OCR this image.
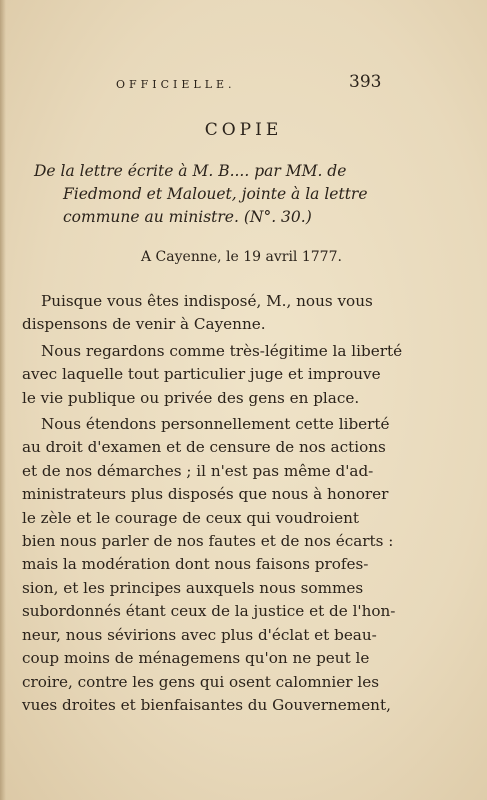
OFFICIELLE.	393
COPIE
De la lettre écrite à M. B.... par MM. de
Fiedmond et Malouet, jointe à la lettre
commune au ministre. (N°. 30.)
A Cayenne, le 19 avril 1777.
Puisque vous êtes indisposé, M., nous vous
dispensons de venir à Cayenne.
Nous regardons comme très-légitime la liberté
avec laquelle tout particulier juge et improuve
le vie publique ou privée des gens en place.
Nous étendons personnellement cette liberté
au droit d'examen et de censure de nos actions
et de nos démarches ; il n'est pas même d'ad-
ministrateurs plus disposés que nous à honorer
le zèle et le courage de ceux qui voudroient
bien nous parler de nos fautes et de nos écarts :
mais la modération dont nous faisons profes-
sion, et les principes auxquels nous sommes
subordonnés étant ceux de la justice et de l'hon-
neur, nous sévirions avec plus d'éclat et beau-
coup moins de ménagemens qu'on ne peut le
croire, contre les gens qui osent calomnier les
vues droites et bienfaisantes du Gouvernement,
